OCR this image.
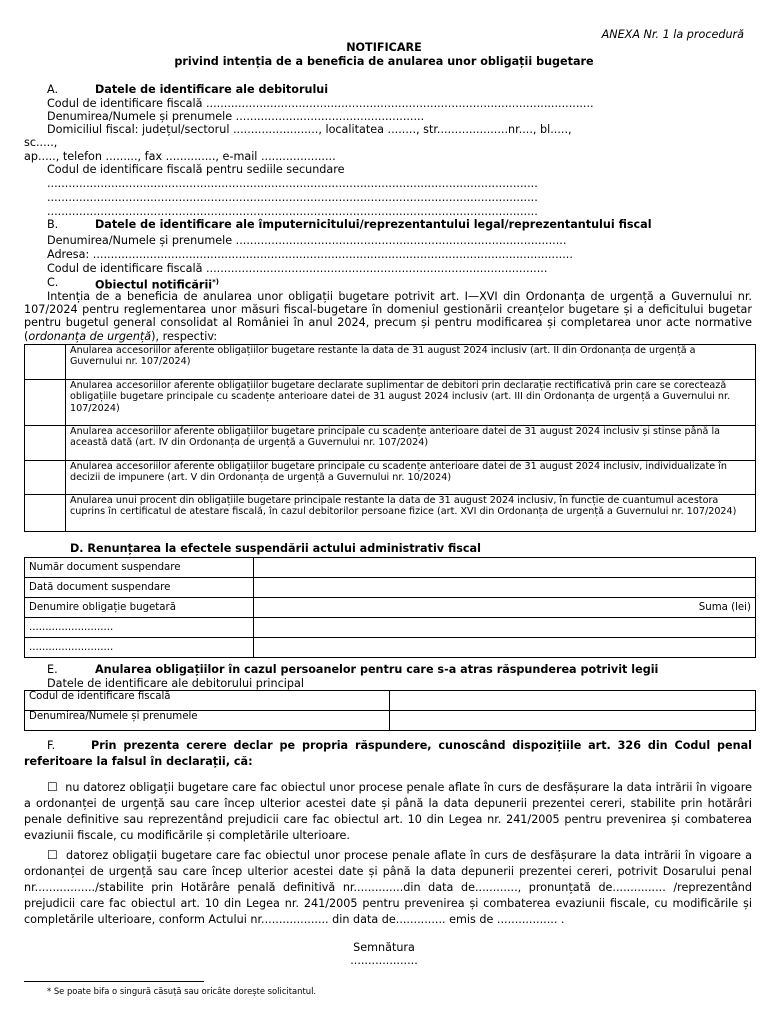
ANEXA Nr. 1 la procedură
NOTIFICARE
privind intenția de a beneficia de anularea unor obligații bugetare
A.	Datele de identificare ale debitorului
Codul de identificare fiscală .............................................................................................................
Denumirea/Numele și prenumele .....................................................
Domiciliul fiscal: județul/sectorul ........................, localitatea ........, str....................nr...., bl.....,
sc.....,
ap....., telefon ........., fax .............., e-mail .....................
Codul de identificare fiscală pentru sediile secundare
..........................................................................................................................................
..........................................................................................................................................
..........................................................................................................................................
B.	Datele de identificare ale împuternicitului/reprezentantului legal/reprezentantului fiscal
Denumirea/Numele și prenumele .............................................................................................
Adresa: .......................................................................................................................................
Codul de identificare fiscală ................................................................................................
C.	Obiectul notificării*)
Intenția de a beneficia de anularea unor obligații bugetare potrivit art. I—XVI din Ordonanța de urgență a Guvernului nr. 107/2024 pentru reglementarea unor măsuri fiscal-bugetare în domeniul gestionării creanțelor bugetare și a deficitului bugetar pentru bugetul general consolidat al României în anul 2024, precum și pentru modificarea și completarea unor acte normative (ordonanța de urgență), respectiv:
	Anularea accesoriilor aferente obligațiilor bugetare restante la data de 31 august 2024 inclusiv (art. II din Ordonanța de urgență a Guvernului nr. 107/2024)
	Anularea accesoriilor aferente obligațiilor bugetare declarate suplimentar de debitori prin declarație rectificativă prin care se corectează obligațiile bugetare principale cu scadențe anterioare datei de 31 august 2024 inclusiv (art. III din Ordonanța de urgență a Guvernului nr. 107/2024)
	Anularea accesoriilor aferente obligațiilor bugetare principale cu scadențe anterioare datei de 31 august 2024 inclusiv și stinse până la această dată (art. IV din Ordonanța de urgență a Guvernului nr. 107/2024)
	Anularea accesoriilor aferente obligațiilor bugetare principale cu scadențe anterioare datei de 31 august 2024 inclusiv, individualizate în decizii de impunere (art. V din Ordonanța de urgență a Guvernului nr. 10/2024)
	Anularea unui procent din obligațiile bugetare principale restante la data de 31 august 2024 inclusiv, în funcție de cuantumul acestora cuprins în certificatul de atestare fiscală, în cazul debitorilor persoane fizice (art. XVI din Ordonanța de urgență a Guvernului nr. 107/2024)
D. Renunțarea la efectele suspendării actului administrativ fiscal
Număr document suspendare	
Dată document suspendare	
Denumire obligație bugetară	Suma (lei)
..........................	
..........................	
E.	Anularea obligațiilor în cazul persoanelor pentru care s-a atras răspunderea potrivit legii
Datele de identificare ale debitorului principal
Codul de identificare fiscală	
Denumirea/Numele și prenumele	
F.	Prin prezenta cerere declar pe propria răspundere, cunoscând dispozițiile art. 326 din Codul penal referitoare la falsul în declarații, că:
☐ nu datorez obligații bugetare care fac obiectul unor procese penale aflate în curs de desfășurare la data intrării în vigoare a ordonanței de urgență sau care încep ulterior acestei date și până la data depunerii prezentei cereri, stabilite prin hotărâri penale definitive sau reprezentând prejudicii care fac obiectul art. 10 din Legea nr. 241/2005 pentru prevenirea și combaterea evaziunii fiscale, cu modificările și completările ulterioare.
☐ datorez obligații bugetare care fac obiectul unor procese penale aflate în curs de desfășurare la data intrării în vigoare a ordonanței de urgență sau care încep ulterior acestei date și până la data depunerii prezentei cereri, potrivit Dosarului penal nr................./stabilite prin Hotărâre penală definitivă nr..............din data de............, pronunțată de............... /reprezentând prejudicii care fac obiectul art. 10 din Legea nr. 241/2005 pentru prevenirea și combaterea evaziunii fiscale, cu modificările și completările ulterioare, conform Actului nr................... din data de.............. emis de ................. .
Semnătura
...................
* Se poate bifa o singură căsuță sau oricâte dorește solicitantul.
